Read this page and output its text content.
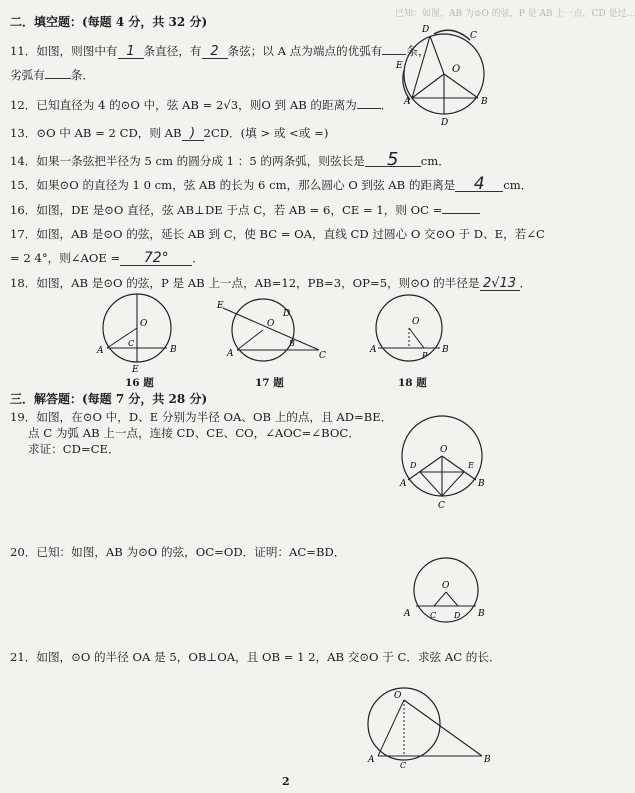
已知：如图，AB 为⊙O 的弦，P 是 AB 上一点，CD 是过…
二．填空题：(每题 4 分，共 32 分)
11．如图，则图中有 1 条直径，有 2 条弦；以 A 点为端点的优弧有 条，
劣弧有 条．
12．已知直径为 4 的⊙O 中，弦 AB = 2√3，则O 到 AB 的距离为 ．
13．⊙O 中 AB = 2 CD，则 AB ) 2CD．(填 > 或 <或 =)
14．如果一条弦把半径为 5 cm 的圆分成 1 ：5 的两条弧，则弦长是 5 cm．
15．如果⊙O 的直径为 1 0 cm，弦 AB 的长为 6 cm，那么圆心 O 到弦 AB 的距离是 4 cm．
16．如图，DE 是⊙O 直径，弦 AB⊥DE 于点 C，若 AB = 6，CE = 1，则 OC =
17．如图，AB 是⊙O 的弦，延长 AB 到 C，使 BC = OA，直线 CD 过圆心 O 交⊙O 于 D、E，若∠C
= 2 4°，则∠AOE = 72° ．
18．如图，AB 是⊙O 的弦，P 是 AB 上一点，AB=12，PB=3，OP=5，则⊙O 的半径是 2√13 ．
O
A	B
D
D
C
E
O
A	B
E
C
16 题
O
A
B
C
E
D
17 题
O
A	B
P
18 题
三．解答题：(每题 7 分，共 28 分)
19．如图，在⊙O 中，D、E 分别为半径 OA、OB 上的点，且 AD=BE．
点 C 为弧 AB 上一点，连接 CD、CE、CO，∠AOC=∠BOC．
求证：CD=CE．	O
A	B
C
D	E
20．已知：如图，AB 为⊙O 的弦，OC=OD．证明：AC=BD．
O
A	B
C D
21．如图，⊙O 的半径 OA 是 5，OB⊥OA，且 OB = 1 2，AB 交⊙O 于 C．求弦 AC 的长．
O
A	B
C
2
